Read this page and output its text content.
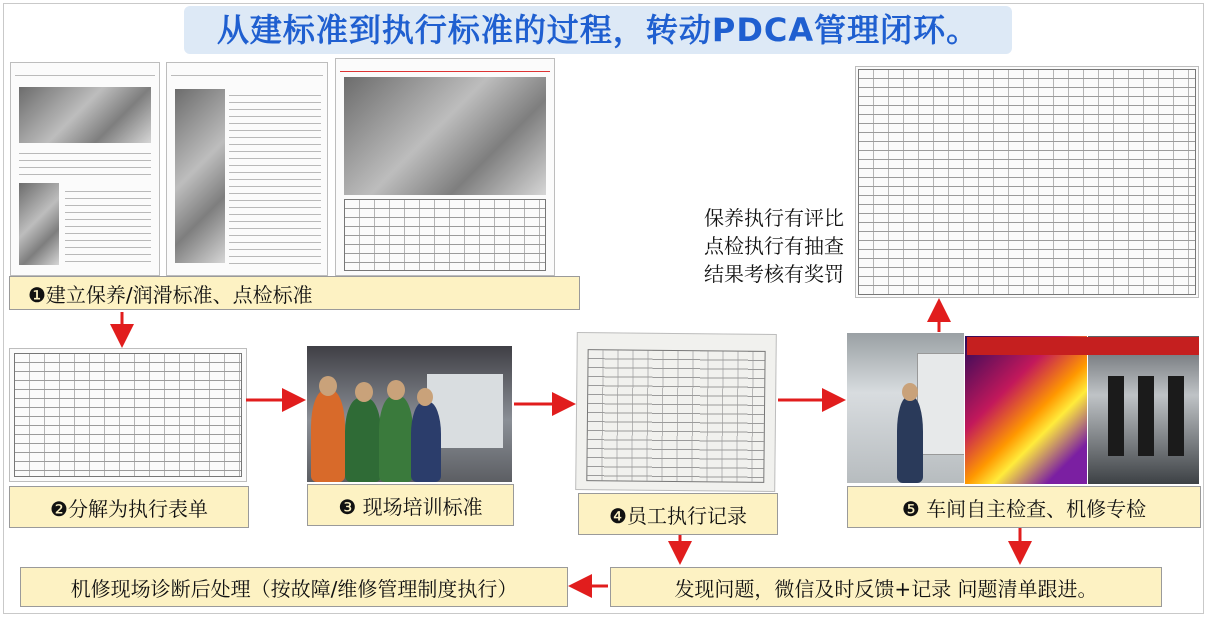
从建标准到执行标准的过程，转动PDCA管理闭环。
❶建立保养/润滑标准、点检标准
保养执行有评比
点检执行有抽查
结果考核有奖罚
❷分解为执行表单	❸ 现场培训标准	❹员工执行记录	❺ 车间自主检查、机修专检
发现问题，微信及时反馈+记录 问题清单跟进。
机修现场诊断后处理（按故障/维修管理制度执行）
